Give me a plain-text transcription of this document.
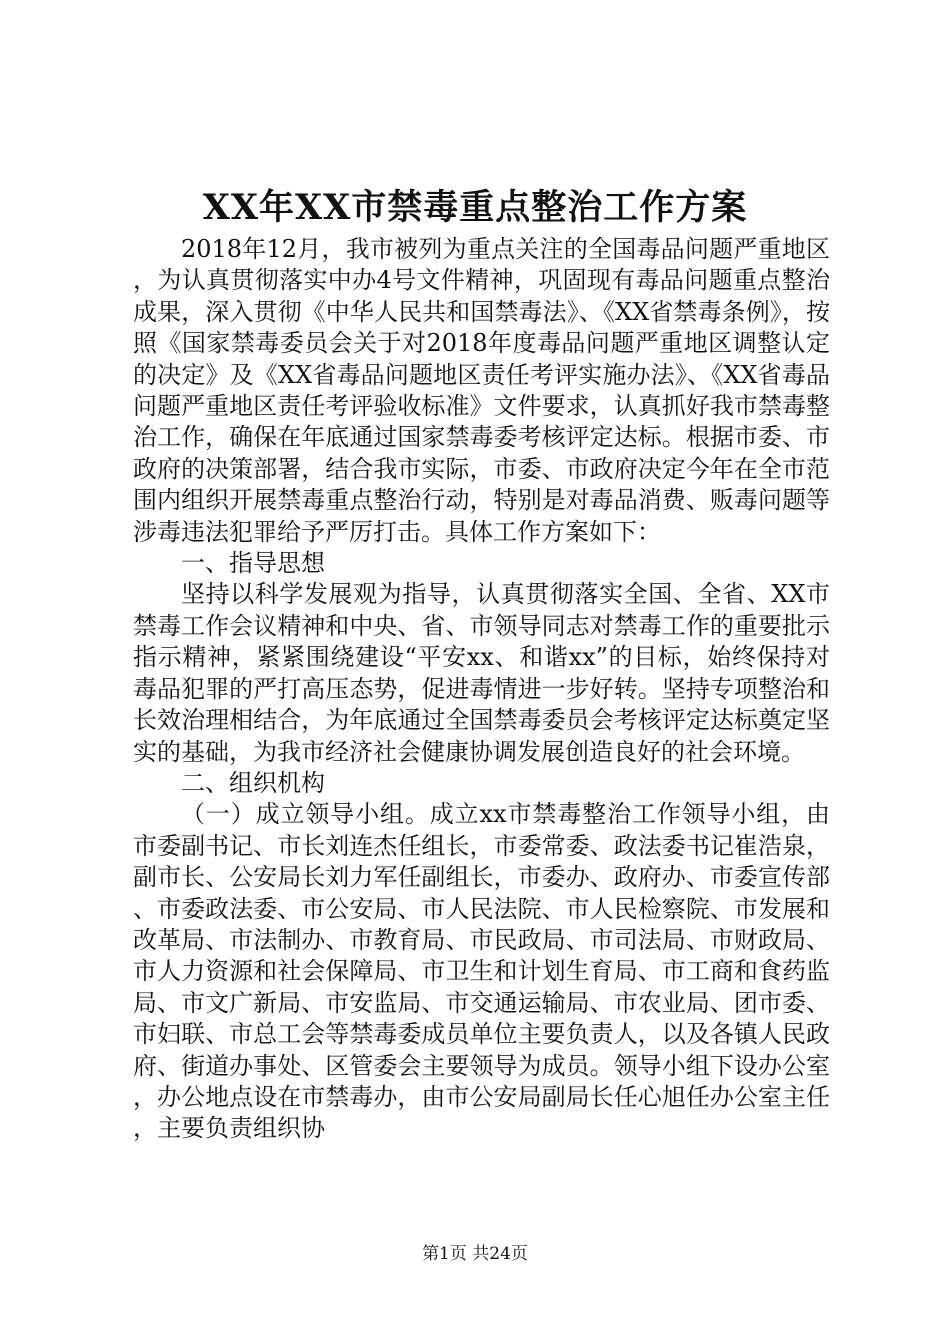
XX年XX市禁毒重点整治工作方案

2018年12月，我市被列为重点关注的全国毒品问题严重地区，为认真贯彻落实中办4号文件精神，巩固现有毒品问题重点整治成果，深入贯彻《中华人民共和国禁毒法》、《XX省禁毒条例》，按照《国家禁毒委员会关于对2018年度毒品问题严重地区调整认定的决定》及《XX省毒品问题地区责任考评实施办法》、《XX省毒品问题严重地区责任考评验收标准》文件要求，认真抓好我市禁毒整治工作，确保在年底通过国家禁毒委考核评定达标。根据市委、市政府的决策部署，结合我市实际，市委、市政府决定今年在全市范围内组织开展禁毒重点整治行动，特别是对毒品消费、贩毒问题等涉毒违法犯罪给予严厉打击。具体工作方案如下：

一、指导思想

坚持以科学发展观为指导，认真贯彻落实全国、全省、XX市禁毒工作会议精神和中央、省、市领导同志对禁毒工作的重要批示指示精神，紧紧围绕建设“平安xx、和谐xx”的目标，始终保持对毒品犯罪的严打高压态势，促进毒情进一步好转。坚持专项整治和长效治理相结合，为年底通过全国禁毒委员会考核评定达标奠定坚实的基础，为我市经济社会健康协调发展创造良好的社会环境。

二、组织机构

（一）成立领导小组。成立xx市禁毒整治工作领导小组，由市委副书记、市长刘连杰任组长，市委常委、政法委书记崔浩泉，副市长、公安局长刘力军任副组长，市委办、政府办、市委宣传部、市委政法委、市公安局、市人民法院、市人民检察院、市发展和改革局、市法制办、市教育局、市民政局、市司法局、市财政局、市人力资源和社会保障局、市卫生和计划生育局、市工商和食药监局、市文广新局、市安监局、市交通运输局、市农业局、团市委、市妇联、市总工会等禁毒委成员单位主要负责人，以及各镇人民政府、街道办事处、区管委会主要领导为成员。领导小组下设办公室，办公地点设在市禁毒办，由市公安局副局长任心旭任办公室主任，主要负责组织协

第1页 共24页
